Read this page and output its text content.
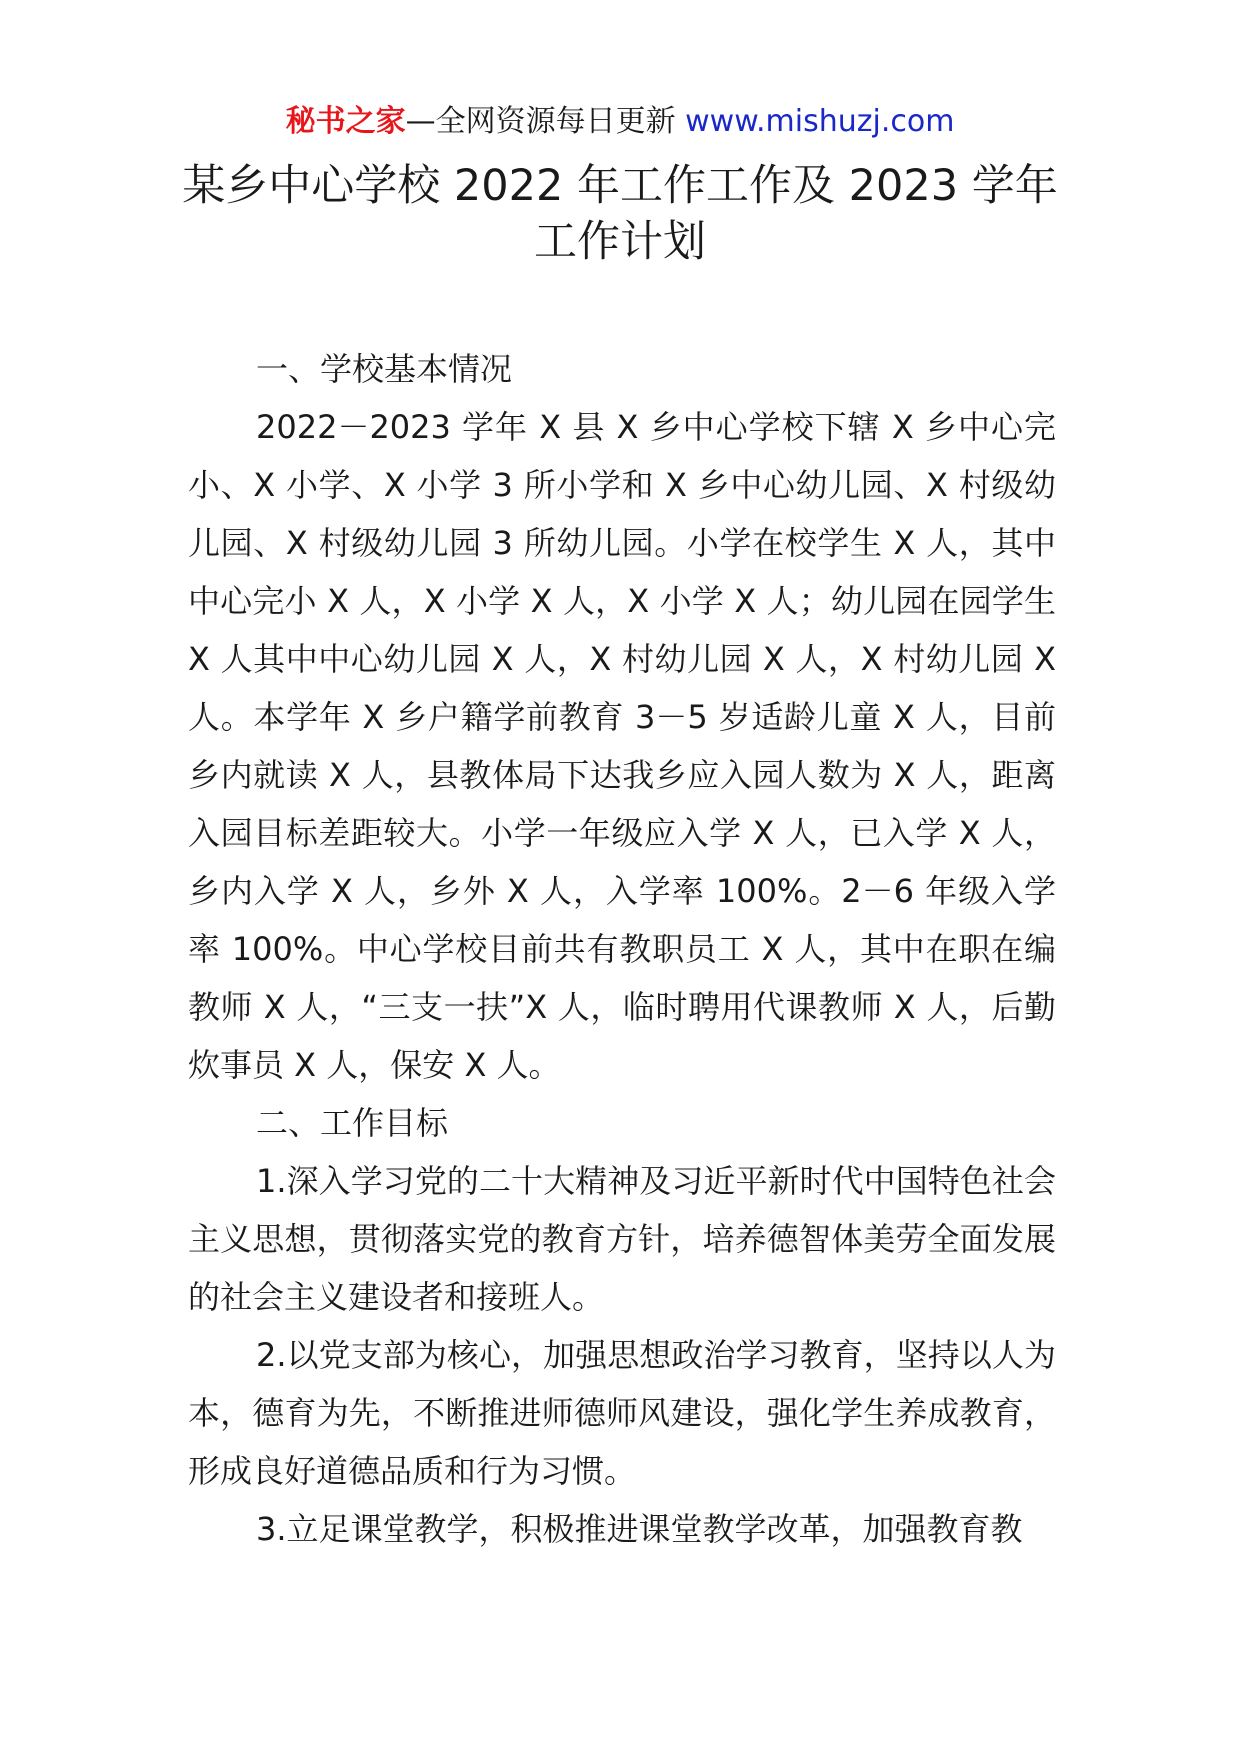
秘书之家—全网资源每日更新 www.mishuzj.com
某乡中心学校 2022 年工作工作及 2023 学年
工作计划

一、学校基本情况

2022－2023 学年 X 县 X 乡中心学校下辖 X 乡中心完小、X 小学、X 小学 3 所小学和 X 乡中心幼儿园、X 村级幼儿园、X 村级幼儿园 3 所幼儿园。小学在校学生 X 人，其中中心完小 X 人，X 小学 X 人，X 小学 X 人；幼儿园在园学生 X 人其中中心幼儿园 X 人，X 村幼儿园 X 人，X 村幼儿园 X 人。本学年 X 乡户籍学前教育 3－5 岁适龄儿童 X 人，目前乡内就读 X 人，县教体局下达我乡应入园人数为 X 人，距离入园目标差距较大。小学一年级应入学 X 人，已入学 X 人，乡内入学 X 人，乡外 X 人，入学率 100%。2－6 年级入学率 100%。中心学校目前共有教职员工 X 人，其中在职在编教师 X 人，“三支一扶”X 人，临时聘用代课教师 X 人，后勤炊事员 X 人，保安 X 人。

二、工作目标

1.深入学习党的二十大精神及习近平新时代中国特色社会主义思想，贯彻落实党的教育方针，培养德智体美劳全面发展的社会主义建设者和接班人。

2.以党支部为核心，加强思想政治学习教育，坚持以人为本，德育为先，不断推进师德师风建设，强化学生养成教育，形成良好道德品质和行为习惯。

3.立足课堂教学，积极推进课堂教学改革，加强教育教
